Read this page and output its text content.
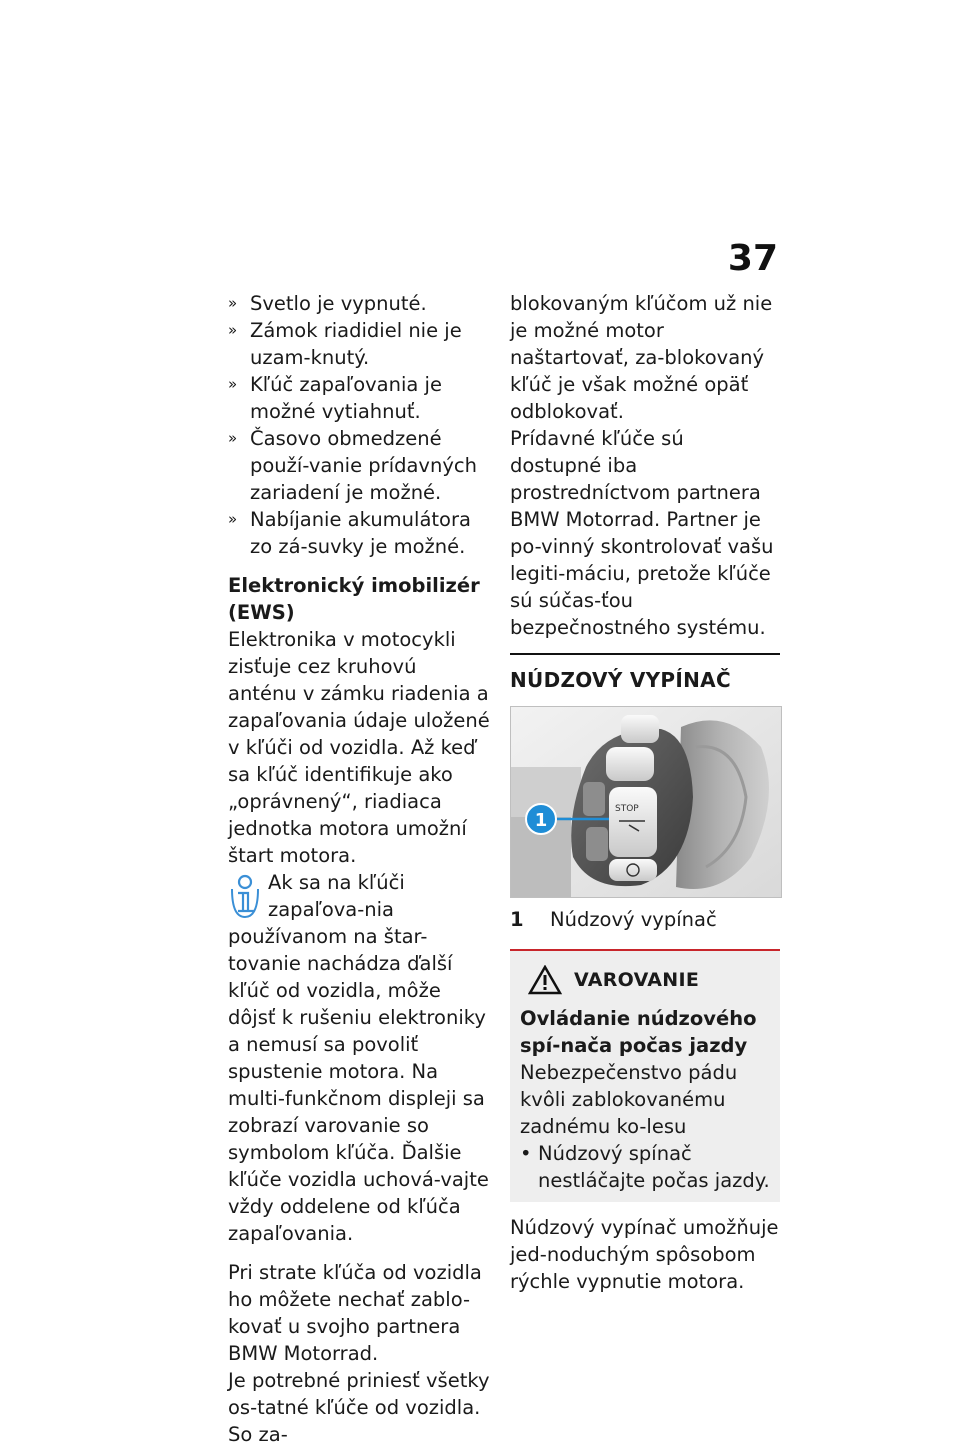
37
» Svetlo je vypnuté.
» Zámok riadidiel nie je uzam-knutý.
» Kľúč zapaľovania je možné vytiahnuť.
» Časovo obmedzené použí-vanie prídavných zariadení je možné.
» Nabíjanie akumulátora zo zá-suvky je možné.
Elektronický imobilizér (EWS)

Elektronika v motocykli zisťuje cez kruhovú anténu v zámku riadenia a zapaľovania údaje uložené v kľúči od vozidla. Až keď sa kľúč identifikuje ako „oprávnený“, riadiaca jednotka motora umožní štart motora.

Ak sa na kľúči zapaľova-nia používanom na štar-tovanie nachádza ďalší kľúč od vozidla, môže dôjsť k rušeniu elektroniky a nemusí sa povoliť spustenie motora. Na multi-funkčnom displeji sa zobrazí varovanie so symbolom kľúča. Ďalšie kľúče vozidla uchová-vajte vždy oddelene od kľúča zapaľovania.

Pri strate kľúča od vozidla ho môžete nechať zablo-kovať u svojho partnera BMW Motorrad.

Je potrebné priniesť všetky os-tatné kľúče od vozidla. So za-

blokovaným kľúčom už nie je možné motor naštartovať, za-blokovaný kľúč je však možné opäť odblokovať.

Prídavné kľúče sú dostupné iba prostredníctvom partnera BMW Motorrad. Partner je po-vinný skontrolovať vašu legiti-máciu, pretože kľúče sú súčas-ťou bezpečnostného systému.

NÚDZOVÝ VYPÍNAČ
STOP
1
1	Núdzový vypínač
VAROVANIE
Ovládanie núdzového spí-nača počas jazdy

Nebezpečenstvo pádu kvôli zablokovanému zadnému ko-lesu

• Núdzový spínač nestláčajte počas jazdy.

Núdzový vypínač umožňuje jed-noduchým spôsobom rýchle vypnutie motora.
